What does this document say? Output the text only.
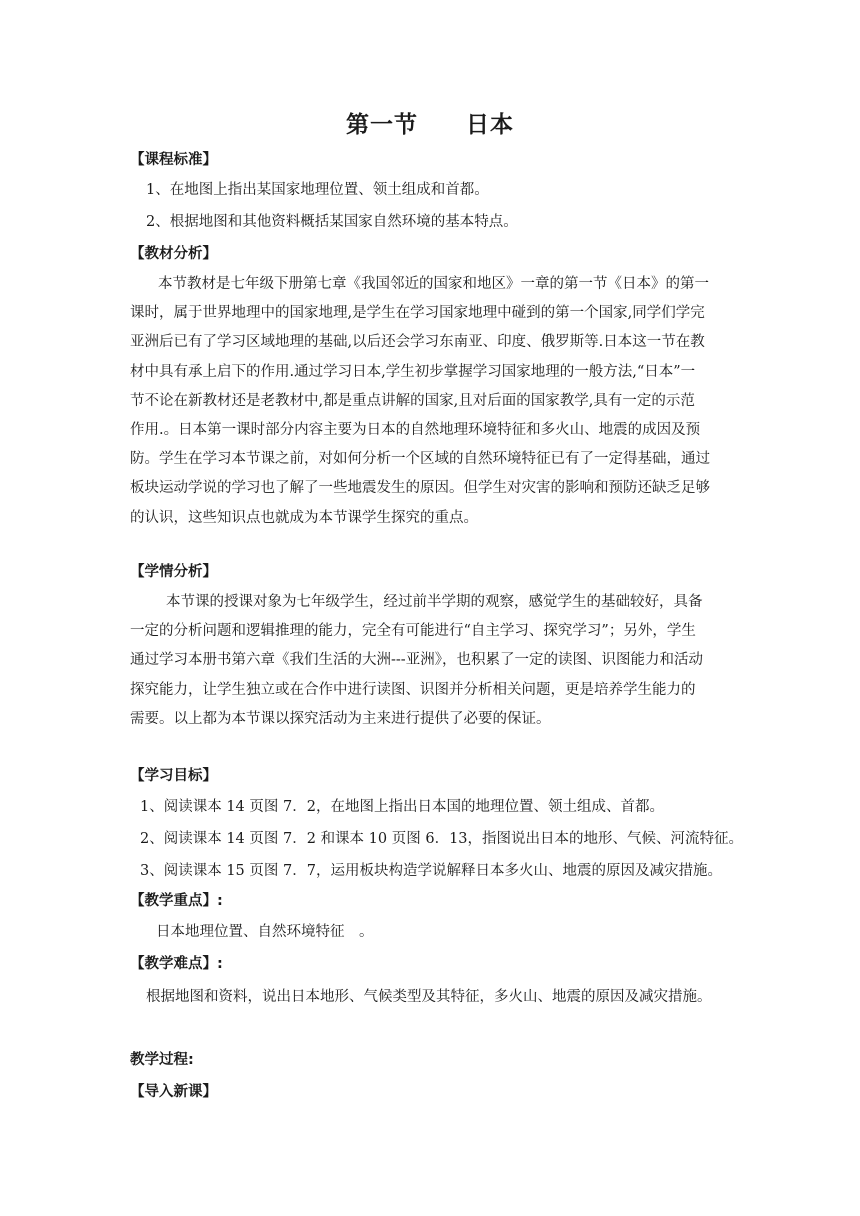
第一节　　日本
【课程标准】
1、在地图上指出某国家地理位置、领土组成和首都。
2、根据地图和其他资料概括某国家自然环境的基本特点。
【教材分析】
本节教材是七年级下册第七章《我国邻近的国家和地区》一章的第一节《日本》的第一
课时，属于世界地理中的国家地理,是学生在学习国家地理中碰到的第一个国家,同学们学完
亚洲后已有了学习区域地理的基础,以后还会学习东南亚、印度、俄罗斯等.日本这一节在教
材中具有承上启下的作用.通过学习日本,学生初步掌握学习国家地理的一般方法,“日本”一
节不论在新教材还是老教材中,都是重点讲解的国家,且对后面的国家教学,具有一定的示范
作用.。日本第一课时部分内容主要为日本的自然地理环境特征和多火山、地震的成因及预
防。学生在学习本节课之前，对如何分析一个区域的自然环境特征已有了一定得基础，通过
板块运动学说的学习也了解了一些地震发生的原因。但学生对灾害的影响和预防还缺乏足够
的认识，这些知识点也就成为本节课学生探究的重点。
【学情分析】
本节课的授课对象为七年级学生，经过前半学期的观察，感觉学生的基础较好，具备
一定的分析问题和逻辑推理的能力，完全有可能进行“自主学习、探究学习”；另外，学生
通过学习本册书第六章《我们生活的大洲---亚洲》，也积累了一定的读图、识图能力和活动
探究能力，让学生独立或在合作中进行读图、识图并分析相关问题，更是培养学生能力的
需要。以上都为本节课以探究活动为主来进行提供了必要的保证。
【学习目标】
1、阅读课本 14 页图 7．2，在地图上指出日本国的地理位置、领土组成、首都。
2、阅读课本 14 页图 7．2 和课本 10 页图 6．13，指图说出日本的地形、气候、河流特征。
3、阅读课本 15 页图 7．7，运用板块构造学说解释日本多火山、地震的原因及减灾措施。
【教学重点】:
日本地理位置、自然环境特征　。
【教学难点】:
根据地图和资料，说出日本地形、气候类型及其特征，多火山、地震的原因及减灾措施。
教学过程:
【导入新课】
